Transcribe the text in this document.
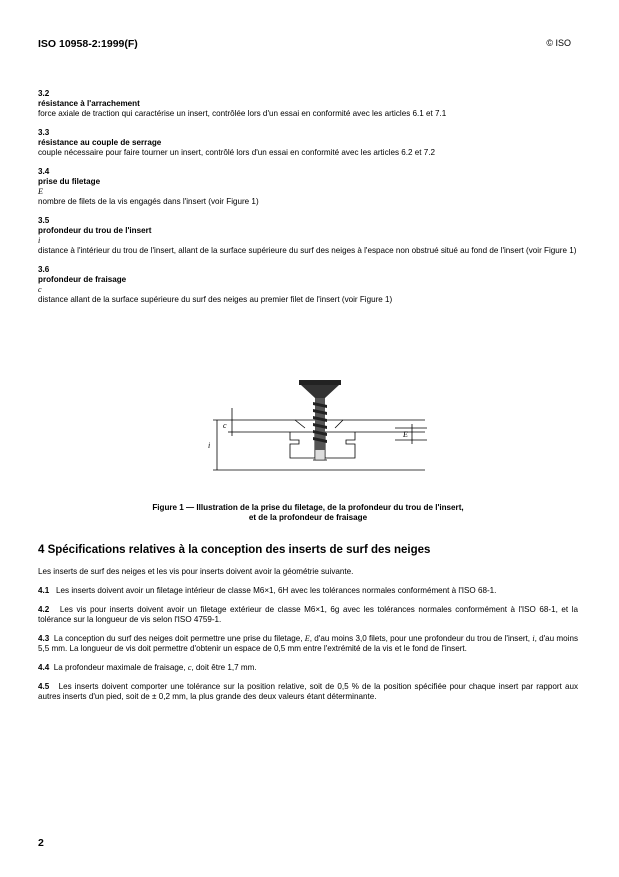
ISO 10958-2:1999(F)	© ISO
3.2
résistance à l'arrachement
force axiale de traction qui caractérise un insert, contrôlée lors d'un essai en conformité avec les articles 6.1 et 7.1
3.3
résistance au couple de serrage
couple nécessaire pour faire tourner un insert, contrôlé lors d'un essai en conformité avec les articles 6.2 et 7.2
3.4
prise du filetage
E
nombre de filets de la vis engagés dans l'insert (voir Figure 1)
3.5
profondeur du trou de l'insert
i
distance à l'intérieur du trou de l'insert, allant de la surface supérieure du surf des neiges à l'espace non obstrué situé au fond de l'insert (voir Figure 1)
3.6
profondeur de fraisage
c
distance allant de la surface supérieure du surf des neiges au premier filet de l'insert (voir Figure 1)
i
c
E
Figure 1 — Illustration de la prise du filetage, de la profondeur du trou de l'insert,
et de la profondeur de fraisage
4 Spécifications relatives à la conception des inserts de surf des neiges
Les inserts de surf des neiges et les vis pour inserts doivent avoir la géométrie suivante.
4.1 Les inserts doivent avoir un filetage intérieur de classe M6×1, 6H avec les tolérances normales conformément à l'ISO 68-1.
4.2 Les vis pour inserts doivent avoir un filetage extérieur de classe M6×1, 6g avec les tolérances normales conformément à l'ISO 68-1, et la tolérance sur la longueur de vis selon l'ISO 4759-1.
4.3 La conception du surf des neiges doit permettre une prise du filetage, E, d'au moins 3,0 filets, pour une profondeur du trou de l'insert, i, d'au moins 5,5 mm. La longueur de vis doit permettre d'obtenir un espace de 0,5 mm entre l'extrémité de la vis et le fond de l'insert.
4.4 La profondeur maximale de fraisage, c, doit être 1,7 mm.
4.5 Les inserts doivent comporter une tolérance sur la position relative, soit de 0,5 % de la position spécifiée pour chaque insert par rapport aux autres inserts d'un pied, soit de ± 0,2 mm, la plus grande des deux valeurs étant déterminante.
2
